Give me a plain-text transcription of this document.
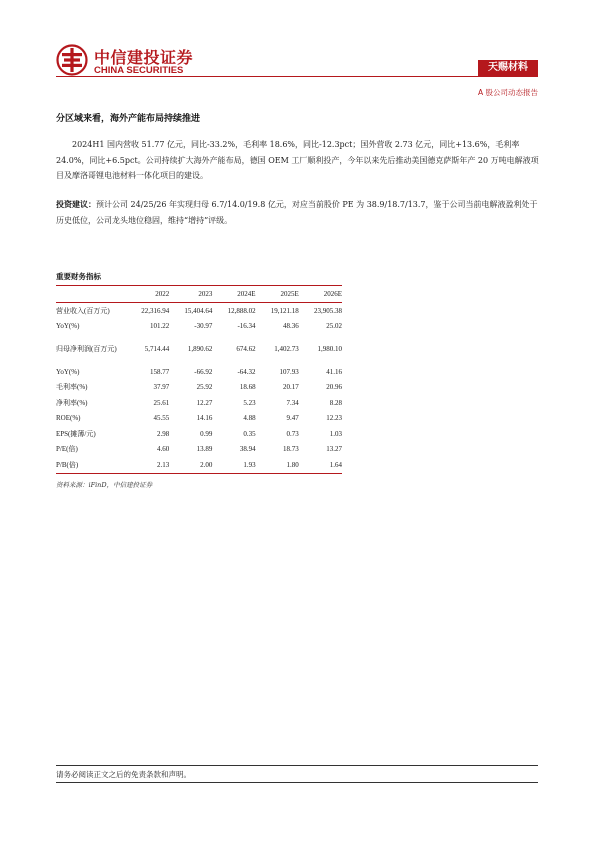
中信建投证券
CHINA SECURITIES	天赐材料
A 股公司动态报告
分区域来看，海外产能布局持续推进
2024H1 国内营收 51.77 亿元，同比-33.2%，毛利率 18.6%，同比-12.3pct；国外营收 2.73 亿元，同比+13.6%，毛利率 24.0%，同比+6.5pct。公司持续扩大海外产能布局，德国 OEM 工厂顺利投产，今年以来先后推动美国德克萨斯年产 20 万吨电解液项目及摩洛哥锂电池材料一体化项目的建设。
投资建议：预计公司 24/25/26 年实现归母 6.7/14.0/19.8 亿元，对应当前股价 PE 为 38.9/18.7/13.7，鉴于公司当前电解液盈利处于历史低位，公司龙头地位稳固，维持“增持”评级。
重要财务指标
	2022	2023	2024E	2025E	2026E
营业收入(百万元)	22,316.94	15,404.64	12,888.02	19,121.18	23,905.38
YoY(%)	101.22	-30.97	-16.34	48.36	25.02
归母净利润(百万元)	5,714.44	1,890.62	674.62	1,402.73	1,980.10
YoY(%)	158.77	-66.92	-64.32	107.93	41.16
毛利率(%)	37.97	25.92	18.68	20.17	20.96
净利率(%)	25.61	12.27	5.23	7.34	8.28
ROE(%)	45.55	14.16	4.88	9.47	12.23
EPS(摊薄/元)	2.98	0.99	0.35	0.73	1.03
P/E(倍)	4.60	13.89	38.94	18.73	13.27
P/B(倍)	2.13	2.00	1.93	1.80	1.64
资料来源：iFinD，中信建投证券
请务必阅读正文之后的免责条款和声明。
